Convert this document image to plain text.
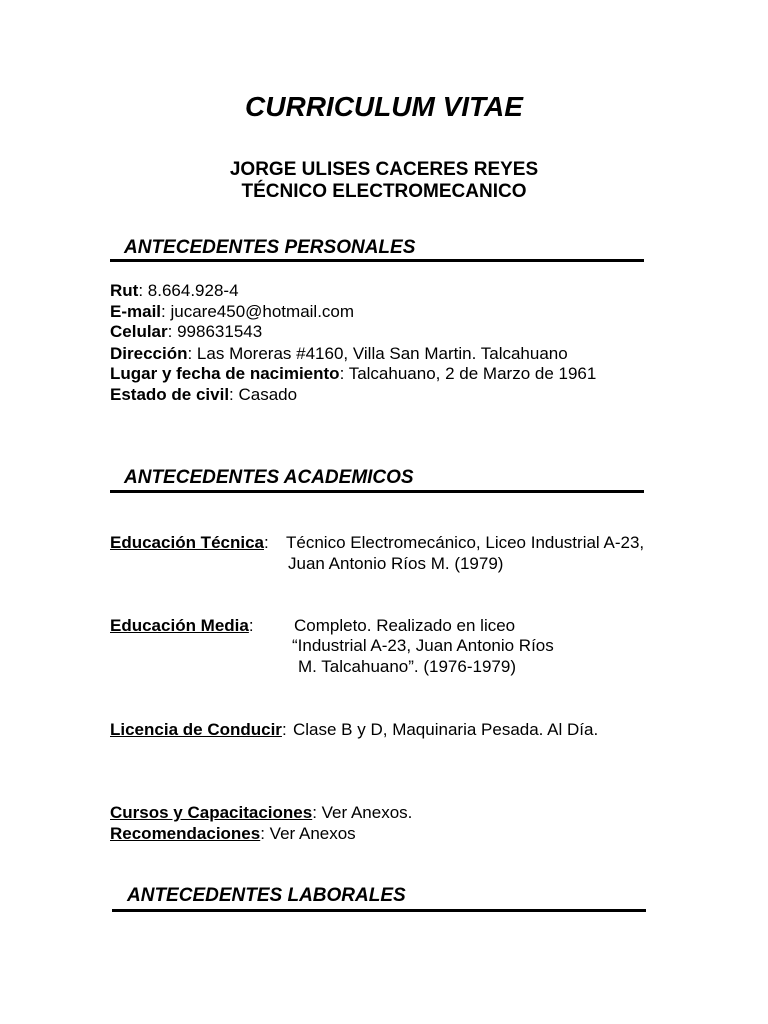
CURRICULUM VITAE
JORGE ULISES CACERES REYES
TÉCNICO ELECTROMECANICO
ANTECEDENTES PERSONALES
Rut: 8.664.928-4
E-mail: jucare450@hotmail.com
Celular: 998631543
Dirección: Las Moreras #4160, Villa San Martin. Talcahuano
Lugar y fecha de nacimiento: Talcahuano, 2 de Marzo de 1961
Estado de civil: Casado
ANTECEDENTES ACADEMICOS
Educación Técnica: Técnico Electromecánico, Liceo Industrial A-23,
Juan Antonio Ríos M. (1979)
Educación Media: Completo. Realizado en liceo
“Industrial A-23, Juan Antonio Ríos
M. Talcahuano”. (1976-1979)
Licencia de Conducir: Clase B y D, Maquinaria Pesada. Al Día.
Cursos y Capacitaciones: Ver Anexos.
Recomendaciones: Ver Anexos
ANTECEDENTES LABORALES
